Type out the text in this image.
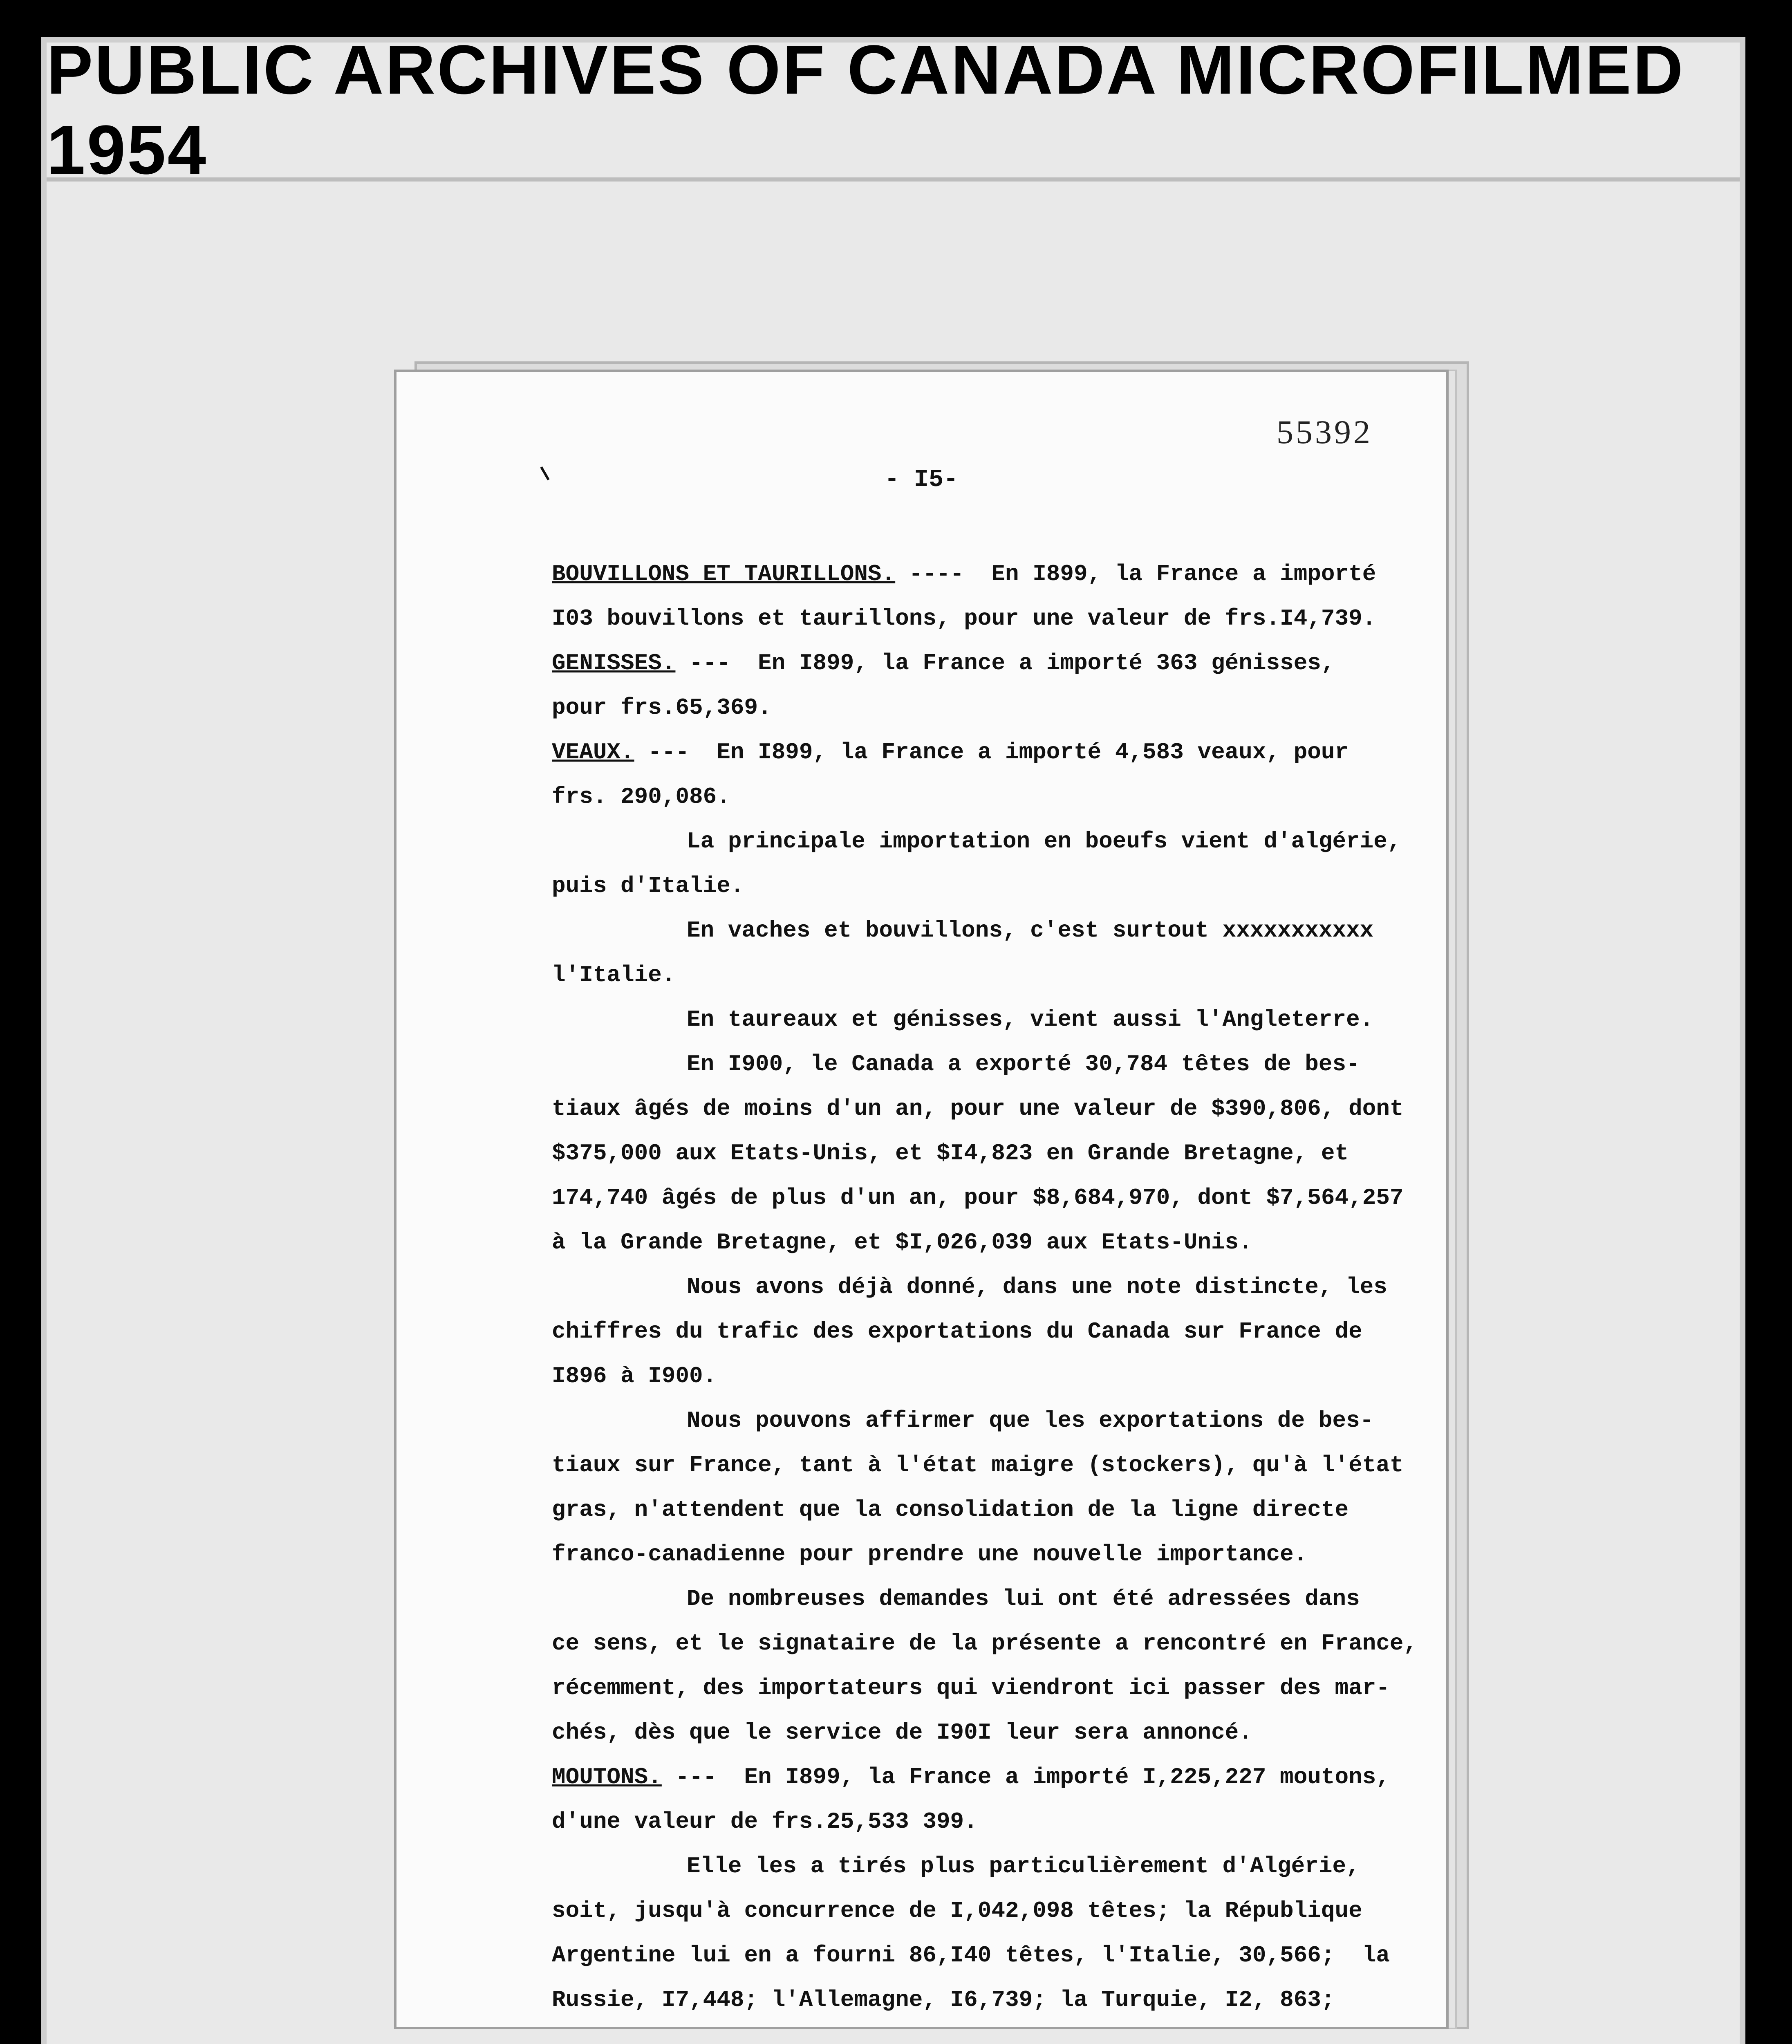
PUBLIC ARCHIVES OF CANADA MICROFILMED 1954
55392
- I5-
BOUVILLONS ET TAURILLONS. ----  En I899, la France a importé
I03 bouvillons et taurillons, pour une valeur de frs.I4,739.
GENISSES. ---  En I899, la France a importé 363 génisses,
pour frs.65,369.
VEAUX. ---  En I899, la France a importé 4,583 veaux, pour
frs. 290,086.
La principale importation en boeufs vient d'algérie,
puis d'Italie.
En vaches et bouvillons, c'est surtout xxxxxxxxxxx
l'Italie.
En taureaux et génisses, vient aussi l'Angleterre.
En I900, le Canada a exporté 30,784 têtes de bes-
tiaux âgés de moins d'un an, pour une valeur de $390,806, dont
$375,000 aux Etats-Unis, et $I4,823 en Grande Bretagne, et
174,740 âgés de plus d'un an, pour $8,684,970, dont $7,564,257
à la Grande Bretagne, et $I,026,039 aux Etats-Unis.
Nous avons déjà donné, dans une note distincte, les
chiffres du trafic des exportations du Canada sur France de
I896 à I900.
Nous pouvons affirmer que les exportations de bes-
tiaux sur France, tant à l'état maigre (stockers), qu'à l'état
gras, n'attendent que la consolidation de la ligne directe
franco-canadienne pour prendre une nouvelle importance.
De nombreuses demandes lui ont été adressées dans
ce sens, et le signataire de la présente a rencontré en France,
récemment, des importateurs qui viendront ici passer des mar-
chés, dès que le service de I90I leur sera annoncé.
MOUTONS. ---  En I899, la France a importé I,225,227 moutons,
d'une valeur de frs.25,533 399.
Elle les a tirés plus particulièrement d'Algérie,
soit, jusqu'à concurrence de I,042,098 têtes; la République
Argentine lui en a fourni 86,I40 têtes, l'Italie, 30,566;  la
Russie, I7,448; l'Allemagne, I6,739; la Turquie, I2, 863;
